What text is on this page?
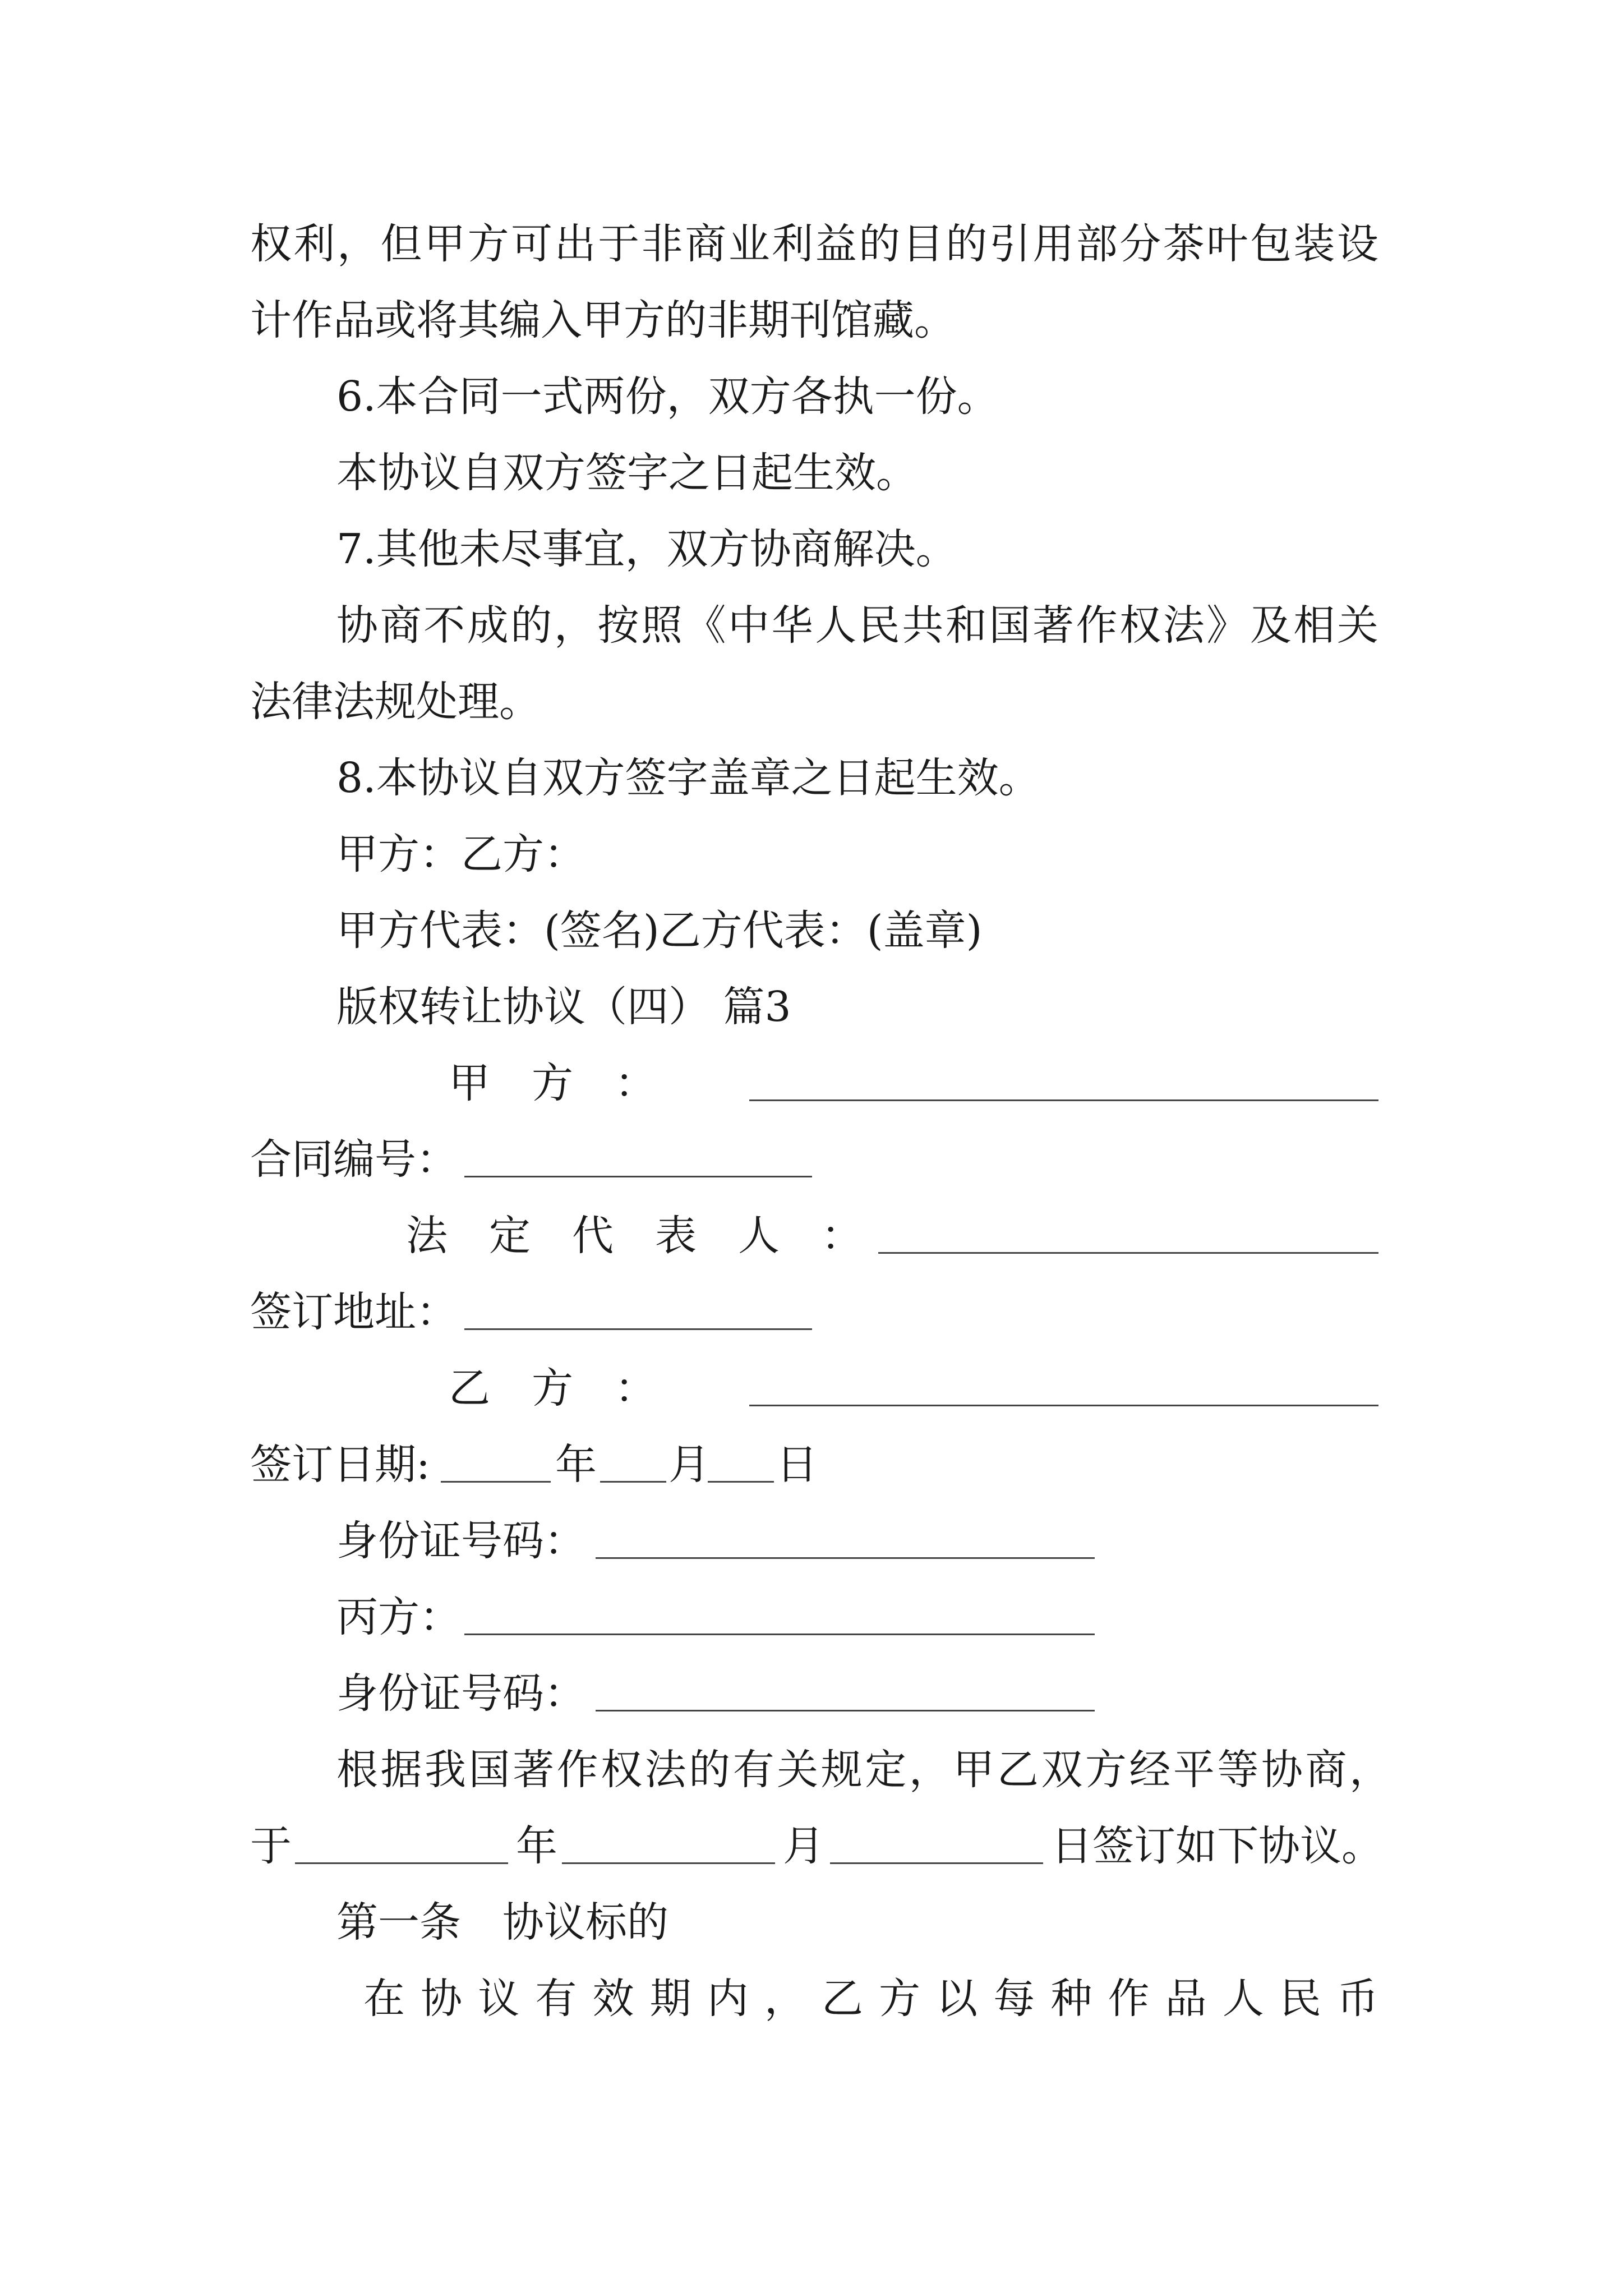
权利，但甲方可出于非商业利益的目的引用部分茶叶包装设
计作品或将其编入甲方的非期刊馆藏。
6.本合同一式两份，双方各执一份。
本协议自双方签字之日起生效。
7.其他未尽事宜，双方协商解决。
协商不成的，按照《中华人民共和国著作权法》及相关
法律法规处理。
8.本协议自双方签字盖章之日起生效。
甲方：乙方：
甲方代表：(签名)乙方代表：(盖章)
版权转让协议（四） 篇3
甲　方　：
合同编号：
法　定　代　表　人　：
签订地址：
乙　方　：
签订日期:	年 月 日
身份证号码：
丙方：
身份证号码：
根据我国著作权法的有关规定，甲乙双方经平等协商，
于	年	月	日签订如下协议。
第一条　协议标的
在协议有效期内，乙方以每种作品人民币
